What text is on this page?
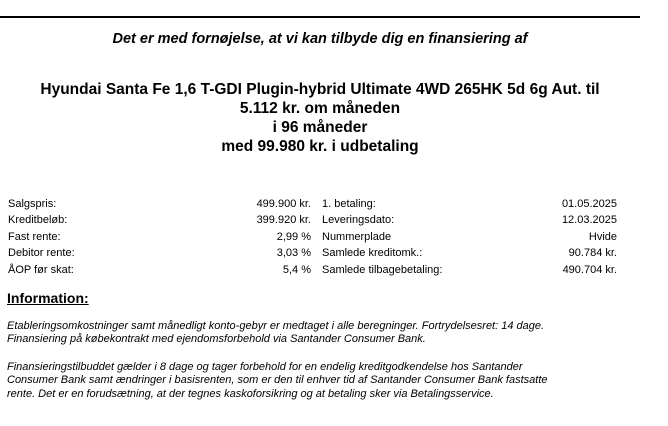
Det er med fornøjelse, at vi kan tilbyde dig en finansiering af
Hyundai Santa Fe 1,6 T-GDI Plugin-hybrid Ultimate 4WD 265HK 5d 6g Aut. til
5.112 kr. om måneden
i 96 måneder
med 99.980 kr. i udbetaling
Salgspris:	499.900 kr. 1. betaling:	01.05.2025
Kreditbeløb:	399.920 kr. Leveringsdato:	12.03.2025
Fast rente:	2,99 % Nummerplade	Hvide
Debitor rente:	3,03 % Samlede kreditomk.:	90.784 kr.
ÅOP før skat:	5,4 % Samlede tilbagebetaling:	490.704 kr.
Information:
Etableringsomkostninger samt månedligt konto-gebyr er medtaget i alle beregninger. Fortrydelsesret: 14 dage.
Finansiering på købekontrakt med ejendomsforbehold via Santander Consumer Bank.
Finansieringstilbuddet gælder i 8 dage og tager forbehold for en endelig kreditgodkendelse hos Santander
Consumer Bank samt ændringer i basisrenten, som er den til enhver tid af Santander Consumer Bank fastsatte
rente. Det er en forudsætning, at der tegnes kaskoforsikring og at betaling sker via Betalingsservice.
